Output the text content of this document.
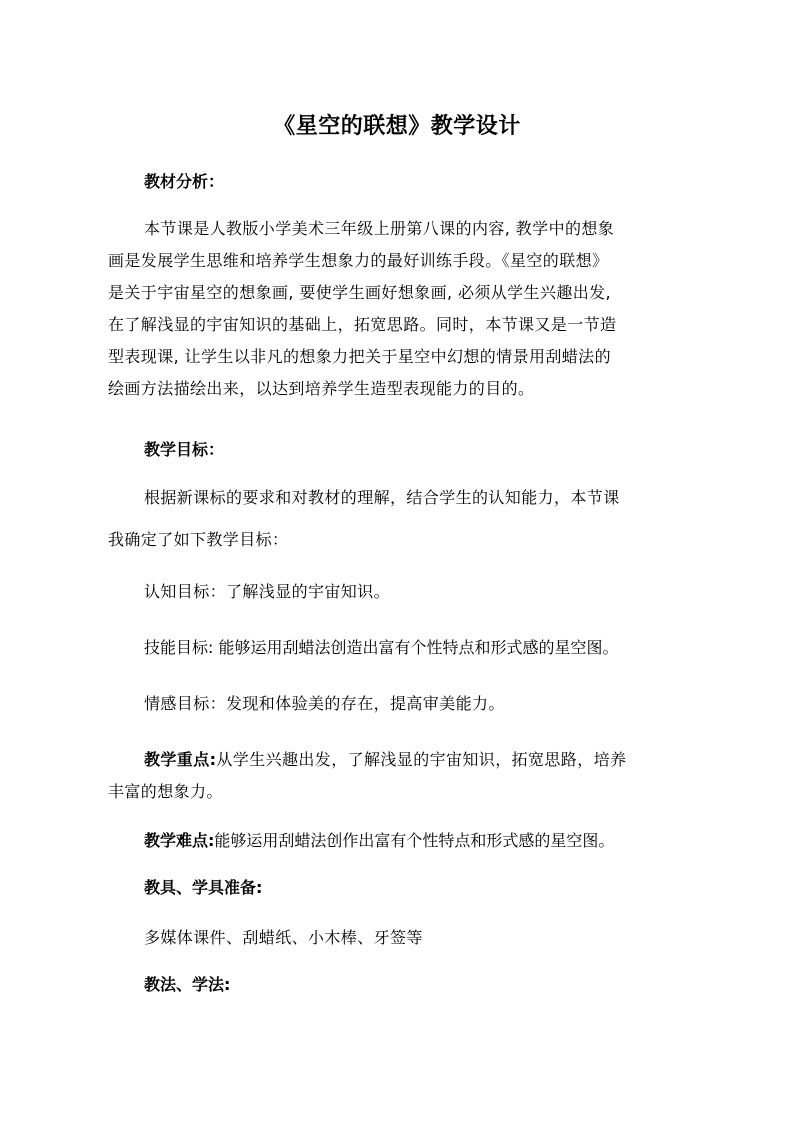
《星空的联想》教学设计
教材分析：
本节课是人教版小学美术三年级上册第八课的内容, 教学中的想象
画是发展学生思维和培养学生想象力的最好训练手段。《星空的联想》
是关于宇宙星空的想象画, 要使学生画好想象画, 必须从学生兴趣出发,
在了解浅显的宇宙知识的基础上，拓宽思路。同时，本节课又是一节造
型表现课, 让学生以非凡的想象力把关于星空中幻想的情景用刮蜡法的
绘画方法描绘出来，以达到培养学生造型表现能力的目的。
教学目标：
根据新课标的要求和对教材的理解，结合学生的认知能力，本节课
我确定了如下教学目标：
认知目标：了解浅显的宇宙知识。
技能目标: 能够运用刮蜡法创造出富有个性特点和形式感的星空图。
情感目标：发现和体验美的存在，提高审美能力。
教学重点:从学生兴趣出发，了解浅显的宇宙知识，拓宽思路，培养
丰富的想象力。
教学难点:能够运用刮蜡法创作出富有个性特点和形式感的星空图。
教具、学具准备:
多媒体课件、刮蜡纸、小木棒、牙签等
教法、学法:
